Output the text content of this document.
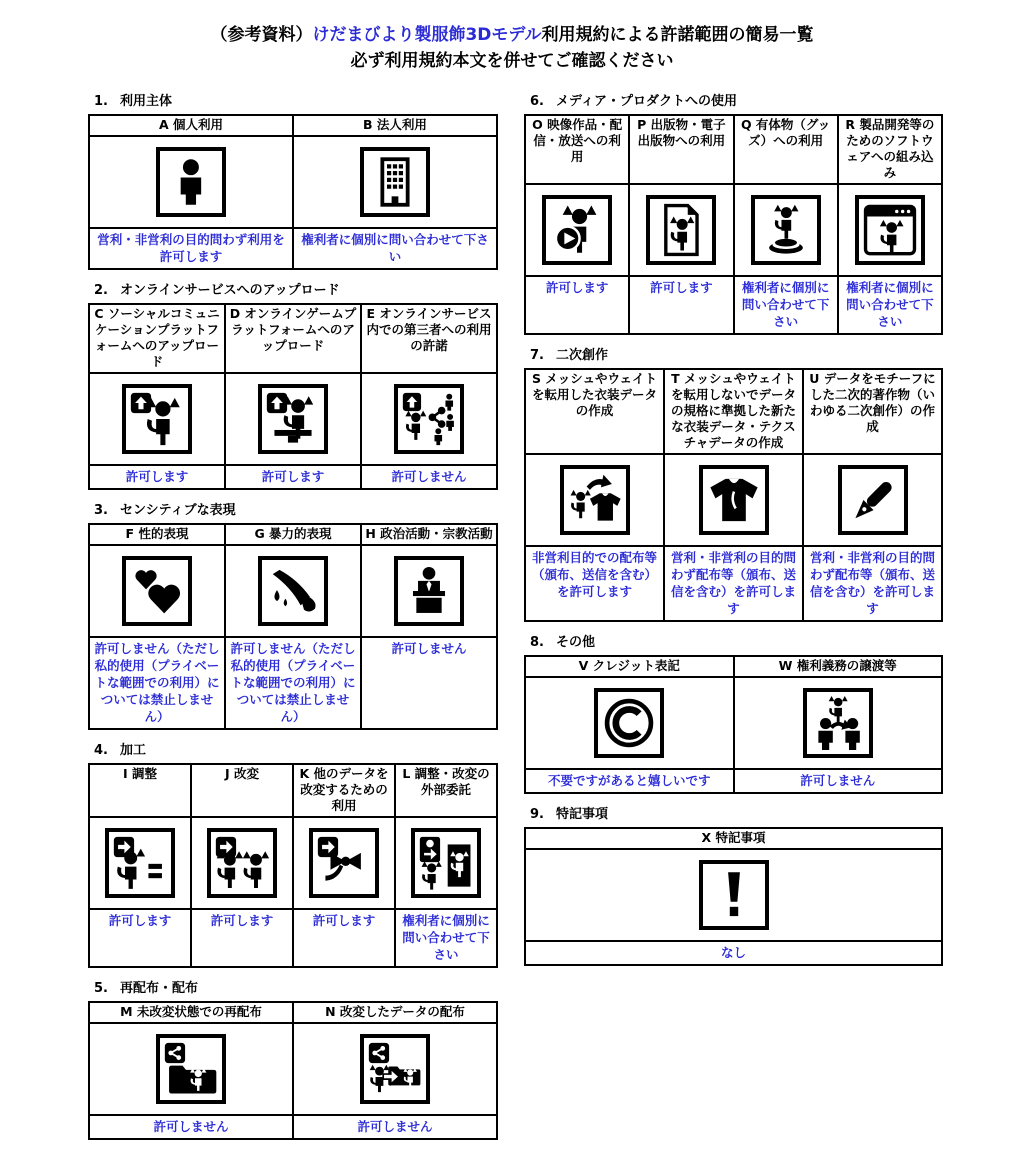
（参考資料）けだまびより製服飾3Dモデル利用規約による許諾範囲の簡易一覧
必ず利用規約本文を併せてご確認ください
1. 利用主体
A 個人利用	B 法人利用

営利・非営利の目的問わず利用を許可します	権利者に個別に問い合わせて下さい
2. オンラインサービスへのアップロード
C ソーシャルコミュニケーションプラットフォームへのアップロード	D オンラインゲームプラットフォームへのアップロード	E オンラインサービス内での第三者への利用の許諾

許可します	許可します	許可しません
3. センシティブな表現
F 性的表現	G 暴力的表現	H 政治活動・宗教活動

許可しません（ただし私的使用（プライベートな範囲での利用）については禁止しません）	許可しません（ただし私的使用（プライベートな範囲での利用）については禁止しません）	許可しません
4. 加工
I 調整	J 改変	K 他のデータを改変するための利用	L 調整・改変の外部委託

許可します	許可します	許可します	権利者に個別に問い合わせて下さい
5. 再配布・配布
M 未改変状態での再配布	N 改変したデータの配布

許可しません	許可しません
6. メディア・プロダクトへの使用
O 映像作品・配信・放送への利用	P 出版物・電子出版物への利用	Q 有体物（グッズ）への利用	R 製品開発等のためのソフトウェアへの組み込み

許可します	許可します	権利者に個別に問い合わせて下さい	権利者に個別に問い合わせて下さい
7. 二次創作
S メッシュやウェイトを転用した衣装データの作成	T メッシュやウェイトを転用しないでデータの規格に準拠した新たな衣装データ・テクスチャデータの作成	U データをモチーフにした二次的著作物（いわゆる二次創作）の作成

非営利目的での配布等（頒布、送信を含む）を許可します	営利・非営利の目的問わず配布等（頒布、送信を含む）を許可します	営利・非営利の目的問わず配布等（頒布、送信を含む）を許可します
8. その他
V クレジット表記	W 権利義務の譲渡等

不要ですがあると嬉しいです	許可しません
9. 特記事項
X 特記事項

なし
